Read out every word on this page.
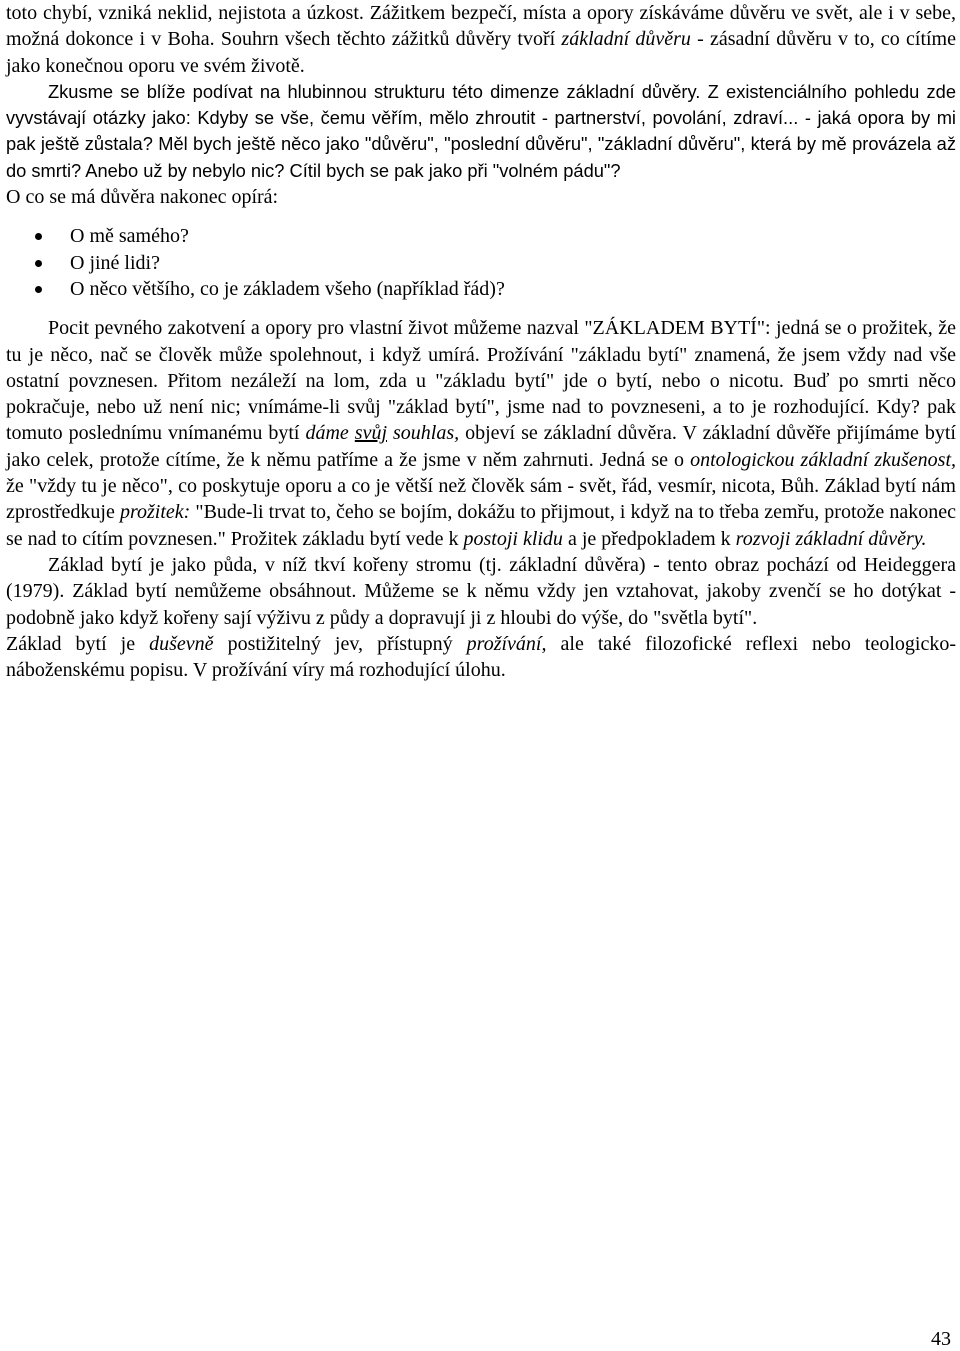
toto chybí, vzniká neklid, nejistota a úzkost. Zážitkem bezpečí, místa a opory získáváme důvěru ve svět, ale i v sebe, možná dokonce i v Boha. Souhrn všech těchto zážitků důvěry tvoří základní důvěru - zásadní důvěru v to, co cítíme jako konečnou oporu ve svém životě.

Zkusme se blíže podívat na hlubinnou strukturu této dimenze základní důvěry. Z existenciálního pohledu zde vyvstávají otázky jako: Kdyby se vše, čemu věřím, mělo zhroutit - partnerství, povolání, zdraví... - jaká opora by mi pak ještě zůstala? Měl bych ještě něco jako "důvěru", "poslední důvěru", "základní důvěru", která by mě provázela až do smrti? Anebo už by nebylo nic? Cítil bych se pak jako při "volném pádu"?

O co se má důvěra nakonec opírá:

O mě samého?
O jiné lidi?
O něco většího, co je základem všeho (například řád)?

Pocit pevného zakotvení a opory pro vlastní život můžeme nazval "ZÁKLADEM BYTÍ": jedná se o prožitek, že tu je něco, nač se člověk může spolehnout, i když umírá. Prožívání "základu bytí" znamená, že jsem vždy nad vše ostatní povznesen. Přitom nezáleží na lom, zda u "základu bytí" jde o bytí, nebo o nicotu. Buď po smrti něco pokračuje, nebo už není nic; vnímáme-li svůj "základ bytí", jsme nad to povzneseni, a to je rozhodující. Kdy? pak tomuto poslednímu vnímanému bytí dáme svůj souhlas, objeví se základní důvěra. V základní důvěře přijímáme bytí jako celek, protože cítíme, že k němu patříme a že jsme v něm zahrnuti. Jedná se o ontologickou základní zkušenost, že "vždy tu je něco", co poskytuje oporu a co je větší než člověk sám - svět, řád, vesmír, nicota, Bůh. Základ bytí nám zprostředkuje prožitek: "Bude-li trvat to, čeho se bojím, dokážu to přijmout, i když na to třeba zemřu, protože nakonec se nad to cítím povznesen." Prožitek základu bytí vede k postoji klidu a je předpokladem k rozvoji základní důvěry.

Základ bytí je jako půda, v níž tkví kořeny stromu (tj. základní důvěra) - tento obraz pochází od Heideggera (1979). Základ bytí nemůžeme obsáhnout. Můžeme se k němu vždy jen vztahovat, jakoby zvenčí se ho dotýkat - podobně jako když kořeny sají výživu z půdy a dopravují ji z hloubi do výše, do "světla bytí".

Základ bytí je duševně postižitelný jev, přístupný prožívání, ale také filozofické reflexi nebo teologicko-náboženskému popisu. V prožívání víry má rozhodující úlohu.

43
